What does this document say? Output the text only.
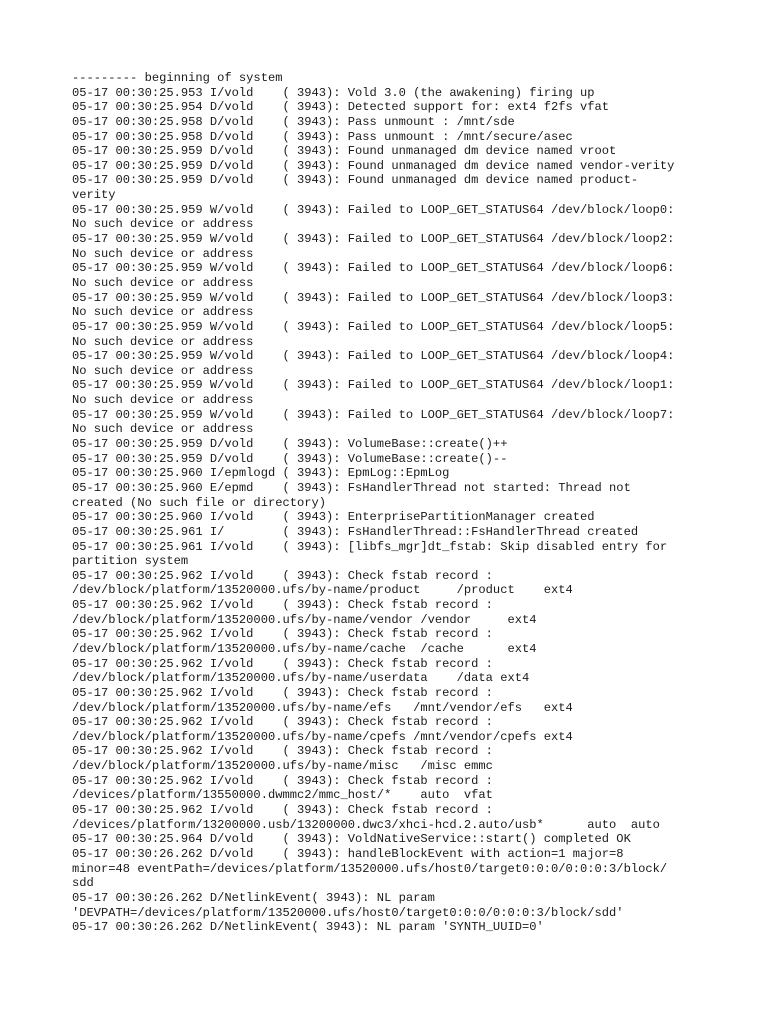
--------- beginning of system
05-17 00:30:25.953 I/vold    ( 3943): Vold 3.0 (the awakening) firing up
05-17 00:30:25.954 D/vold    ( 3943): Detected support for: ext4 f2fs vfat
05-17 00:30:25.958 D/vold    ( 3943): Pass unmount : /mnt/sde
05-17 00:30:25.958 D/vold    ( 3943): Pass unmount : /mnt/secure/asec
05-17 00:30:25.959 D/vold    ( 3943): Found unmanaged dm device named vroot
05-17 00:30:25.959 D/vold    ( 3943): Found unmanaged dm device named vendor-verity
05-17 00:30:25.959 D/vold    ( 3943): Found unmanaged dm device named product-
verity
05-17 00:30:25.959 W/vold    ( 3943): Failed to LOOP_GET_STATUS64 /dev/block/loop0:
No such device or address
05-17 00:30:25.959 W/vold    ( 3943): Failed to LOOP_GET_STATUS64 /dev/block/loop2:
No such device or address
05-17 00:30:25.959 W/vold    ( 3943): Failed to LOOP_GET_STATUS64 /dev/block/loop6:
No such device or address
05-17 00:30:25.959 W/vold    ( 3943): Failed to LOOP_GET_STATUS64 /dev/block/loop3:
No such device or address
05-17 00:30:25.959 W/vold    ( 3943): Failed to LOOP_GET_STATUS64 /dev/block/loop5:
No such device or address
05-17 00:30:25.959 W/vold    ( 3943): Failed to LOOP_GET_STATUS64 /dev/block/loop4:
No such device or address
05-17 00:30:25.959 W/vold    ( 3943): Failed to LOOP_GET_STATUS64 /dev/block/loop1:
No such device or address
05-17 00:30:25.959 W/vold    ( 3943): Failed to LOOP_GET_STATUS64 /dev/block/loop7:
No such device or address
05-17 00:30:25.959 D/vold    ( 3943): VolumeBase::create()++
05-17 00:30:25.959 D/vold    ( 3943): VolumeBase::create()--
05-17 00:30:25.960 I/epmlogd ( 3943): EpmLog::EpmLog
05-17 00:30:25.960 E/epmd    ( 3943): FsHandlerThread not started: Thread not
created (No such file or directory)
05-17 00:30:25.960 I/vold    ( 3943): EnterprisePartitionManager created
05-17 00:30:25.961 I/        ( 3943): FsHandlerThread::FsHandlerThread created
05-17 00:30:25.961 I/vold    ( 3943): [libfs_mgr]dt_fstab: Skip disabled entry for
partition system
05-17 00:30:25.962 I/vold    ( 3943): Check fstab record :
/dev/block/platform/13520000.ufs/by-name/product     /product    ext4
05-17 00:30:25.962 I/vold    ( 3943): Check fstab record :
/dev/block/platform/13520000.ufs/by-name/vendor /vendor     ext4
05-17 00:30:25.962 I/vold    ( 3943): Check fstab record :
/dev/block/platform/13520000.ufs/by-name/cache  /cache      ext4
05-17 00:30:25.962 I/vold    ( 3943): Check fstab record :
/dev/block/platform/13520000.ufs/by-name/userdata    /data ext4
05-17 00:30:25.962 I/vold    ( 3943): Check fstab record :
/dev/block/platform/13520000.ufs/by-name/efs   /mnt/vendor/efs   ext4
05-17 00:30:25.962 I/vold    ( 3943): Check fstab record :
/dev/block/platform/13520000.ufs/by-name/cpefs /mnt/vendor/cpefs ext4
05-17 00:30:25.962 I/vold    ( 3943): Check fstab record :
/dev/block/platform/13520000.ufs/by-name/misc   /misc emmc
05-17 00:30:25.962 I/vold    ( 3943): Check fstab record :
/devices/platform/13550000.dwmmc2/mmc_host/*    auto  vfat
05-17 00:30:25.962 I/vold    ( 3943): Check fstab record :
/devices/platform/13200000.usb/13200000.dwc3/xhci-hcd.2.auto/usb*      auto  auto
05-17 00:30:25.964 D/vold    ( 3943): VoldNativeService::start() completed OK
05-17 00:30:26.262 D/vold    ( 3943): handleBlockEvent with action=1 major=8
minor=48 eventPath=/devices/platform/13520000.ufs/host0/target0:0:0/0:0:0:3/block/
sdd
05-17 00:30:26.262 D/NetlinkEvent( 3943): NL param
'DEVPATH=/devices/platform/13520000.ufs/host0/target0:0:0/0:0:0:3/block/sdd'
05-17 00:30:26.262 D/NetlinkEvent( 3943): NL param 'SYNTH_UUID=0'
